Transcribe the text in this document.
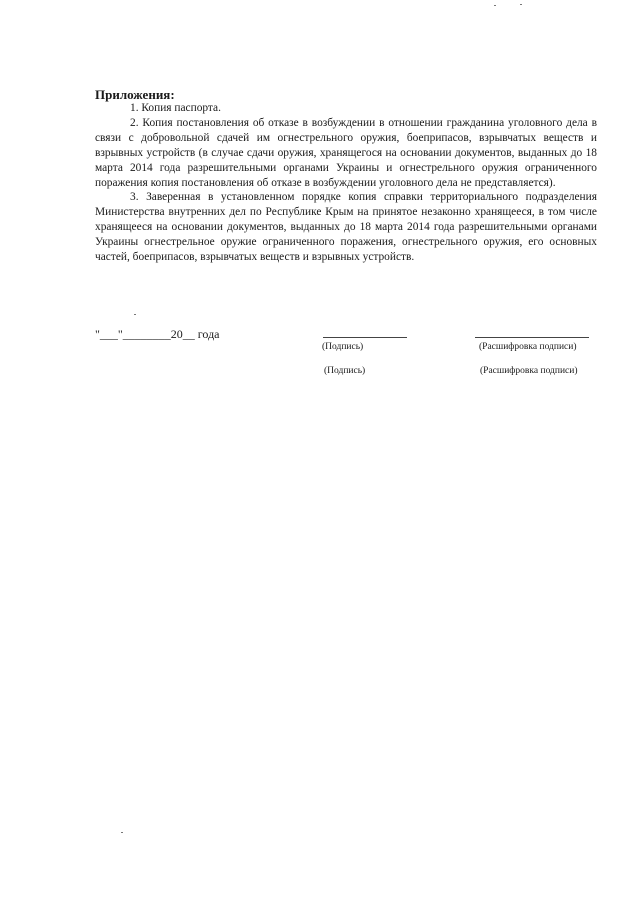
Приложения:

1. Копия паспорта.

2. Копия постановления об отказе в возбуждении в отношении гражданина уголовного дела в связи с добровольной сдачей им огнестрельного оружия, боеприпасов, взрывчатых веществ и взрывных устройств (в случае сдачи оружия, хранящегося на основании документов, выданных до 18 марта 2014 года разрешительными органами Украины и огнестрельного оружия ограниченного поражения копия постановления об отказе в возбуждении уголовного дела не представляется).

3. Заверенная в установленном порядке копия справки территориального подразделения Министерства внутренних дел по Республике Крым на принятое незаконно хранящееся, в том числе хранящееся на основании документов, выданных до 18 марта 2014 года разрешительными органами Украины огнестрельное оружие ограниченного поражения, огнестрельного оружия, его основных частей, боеприпасов, взрывчатых веществ и взрывных устройств.

"___"________20__ года
(Подпись)	(Расшифровка подписи)
(Подпись)	(Расшифровка подписи)
